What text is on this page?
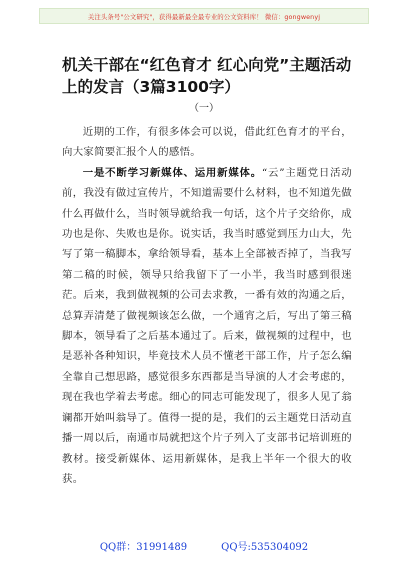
关注头条号"公文研究"，获得最新最全最专业的公文资料库！ 微信：gongwenyj
机关干部在“红色育才 红心向党”主题活动上的发言（3篇3100字）
（一）

近期的工作，有很多体会可以说，借此红色育才的平台，向大家简要汇报个人的感悟。

一是不断学习新媒体、运用新媒体。“云”主题党日活动前，我没有做过宣传片，不知道需要什么材料，也不知道先做什么再做什么，当时领导就给我一句话，这个片子交给你，成功也是你、失败也是你。说实话，我当时感觉到压力山大，先写了第一稿脚本，拿给领导看，基本上全部被否掉了，当我写第二稿的时候，领导只给我留下了一小半，我当时感到很迷茫。后来，我到做视频的公司去求教，一番有效的沟通之后，总算弄清楚了做视频该怎么做，一个通宵之后，写出了第三稿脚本，领导看了之后基本通过了。后来，做视频的过程中，也是恶补各种知识，毕竟技术人员不懂老干部工作，片子怎么编全靠自己想思路，感觉很多东西都是当导演的人才会考虑的，现在我也学着去考虑。细心的同志可能发现了，很多人见了翁谰都开始叫翁导了。值得一提的是，我们的云主题党日活动直播一周以后，南通市局就把这个片子列入了支部书记培训班的教材。接受新媒体、运用新媒体，是我上半年一个很大的收获。

QQ群：31991489	QQ号:535304092
